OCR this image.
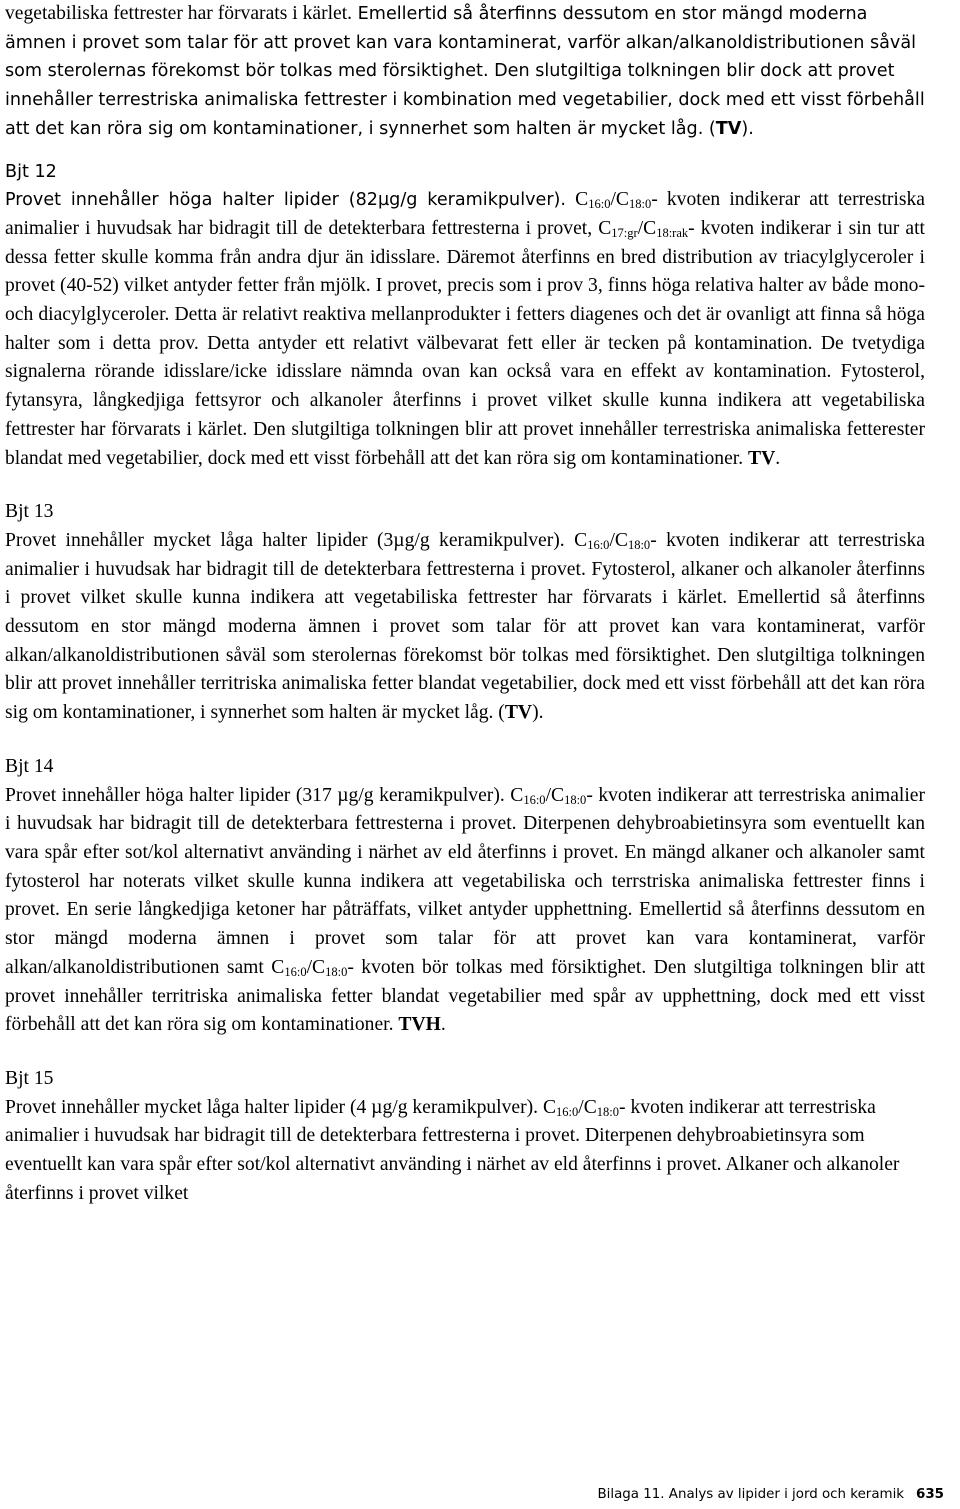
vegetabiliska fettrester har förvarats i kärlet. Emellertid så återfinns dessutom en stor mängd moderna ämnen i provet som talar för att provet kan vara kontaminerat, varför alkan/alkanoldistributionen såväl som sterolernas förekomst bör tolkas med försiktighet. Den slutgiltiga tolkningen blir dock att provet innehåller terrestriska animaliska fettrester i kombination med vegetabilier, dock med ett visst förbehåll att det kan röra sig om kontaminationer, i synnerhet som halten är mycket låg. (TV).

Bjt 12

Provet innehåller höga halter lipider (82µg/g keramikpulver). $C_{16:0}/C_{18:0}-$ kvoten indikerar att terrestriska animalier i huvudsak har bidragit till de detekterbara fettresterna i provet, $C_{17:gr}/C_{18:rak}-$ kvoten indikerar i sin tur att dessa fetter skulle komma från andra djur än idisslare. Däremot återfinns en bred distribution av triacylglyceroler i provet (40-52) vilket antyder fetter från mjölk. I provet, precis som i prov 3, finns höga relativa halter av både mono- och diacylglyceroler. Detta är relativt reaktiva mellanprodukter i fetters diagenes och det är ovanligt att finna så höga halter som i detta prov. Detta antyder ett relativt välbevarat fett eller är tecken på kontamination. De tvetydiga signalerna rörande idisslare/icke idisslare nämnda ovan kan också vara en effekt av kontamination. Fytosterol, fytansyra, långkedjiga fettsyror och alkanoler återfinns i provet vilket skulle kunna indikera att vegetabiliska fettrester har förvarats i kärlet. Den slutgiltiga tolkningen blir att provet innehåller terrestriska animaliska fetterester blandat med vegetabilier, dock med ett visst förbehåll att det kan röra sig om kontaminationer. TV.

Bjt 13

Provet innehåller mycket låga halter lipider (3µg/g keramikpulver). $C_{16:0}/C_{18:0}-$ kvoten indikerar att terrestriska animalier i huvudsak har bidragit till de detekterbara fettresterna i provet. Fytosterol, alkaner och alkanoler återfinns i provet vilket skulle kunna indikera att vegetabiliska fettrester har förvarats i kärlet. Emellertid så återfinns dessutom en stor mängd moderna ämnen i provet som talar för att provet kan vara kontaminerat, varför alkan/alkanoldistributionen såväl som sterolernas förekomst bör tolkas med försiktighet. Den slutgiltiga tolkningen blir att provet innehåller territriska animaliska fetter blandat vegetabilier, dock med ett visst förbehåll att det kan röra sig om kontaminationer, i synnerhet som halten är mycket låg. (TV).

Bjt 14

Provet innehåller höga halter lipider (317 µg/g keramikpulver). $C_{16:0}/C_{18:0}-$ kvoten indikerar att terrestriska animalier i huvudsak har bidragit till de detekterbara fettresterna i provet. Diterpenen dehybroabietinsyra som eventuellt kan vara spår efter sot/kol alternativt använding i närhet av eld återfinns i provet. En mängd alkaner och alkanoler samt fytosterol har noterats vilket skulle kunna indikera att vegetabiliska och terrstriska animaliska fettrester finns i provet. En serie långkedjiga ketoner har påträffats, vilket antyder upphettning. Emellertid så återfinns dessutom en stor mängd moderna ämnen i provet som talar för att provet kan vara kontaminerat, varför alkan/alkanoldistributionen samt $C_{16:0}/C_{18:0}-$ kvoten bör tolkas med försiktighet. Den slutgiltiga tolkningen blir att provet innehåller territriska animaliska fetter blandat vegetabilier med spår av upphettning, dock med ett visst förbehåll att det kan röra sig om kontaminationer. TVH.

Bjt 15

Provet innehåller mycket låga halter lipider (4 µg/g keramikpulver). $C_{16:0}/C_{18:0}-$ kvoten indikerar att terrestriska animalier i huvudsak har bidragit till de detekterbara fettresterna i provet. Diterpenen dehybroabietinsyra som eventuellt kan vara spår efter sot/kol alternativt använding i närhet av eld återfinns i provet. Alkaner och alkanoler återfinns i provet vilket

Bilaga 11. Analys av lipider i jord och keramik 635
